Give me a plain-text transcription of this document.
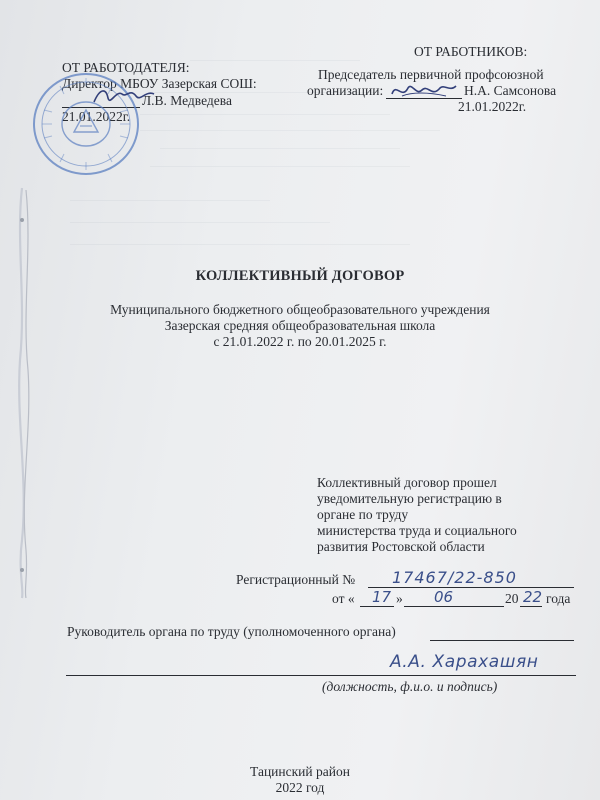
ОТ РАБОТОДАТЕЛЯ:
Директор МБОУ Зазерская СОШ:
Л.В. Медведева
21.01.2022г.
ОТ РАБОТНИКОВ:
Председатель первичной профсоюзной
организации:	Н.А. Самсонова
21.01.2022г.
КОЛЛЕКТИВНЫЙ ДОГОВОР
Муниципального бюджетного общеобразовательного учреждения
Зазерская средняя общеобразовательная школа
с 21.01.2022 г. по 20.01.2025 г.
Коллективный договор прошел
уведомительную регистрацию в
органе по труду
министерства труда и социального
развития Ростовской области
Регистрационный № 17467/22-850
от « 17 » 06	20 22 года
Руководитель органа по труду (уполномоченного органа)
А.А. Харахашян
(должность, ф.и.о. и подпись)
Тацинский район
2022 год
